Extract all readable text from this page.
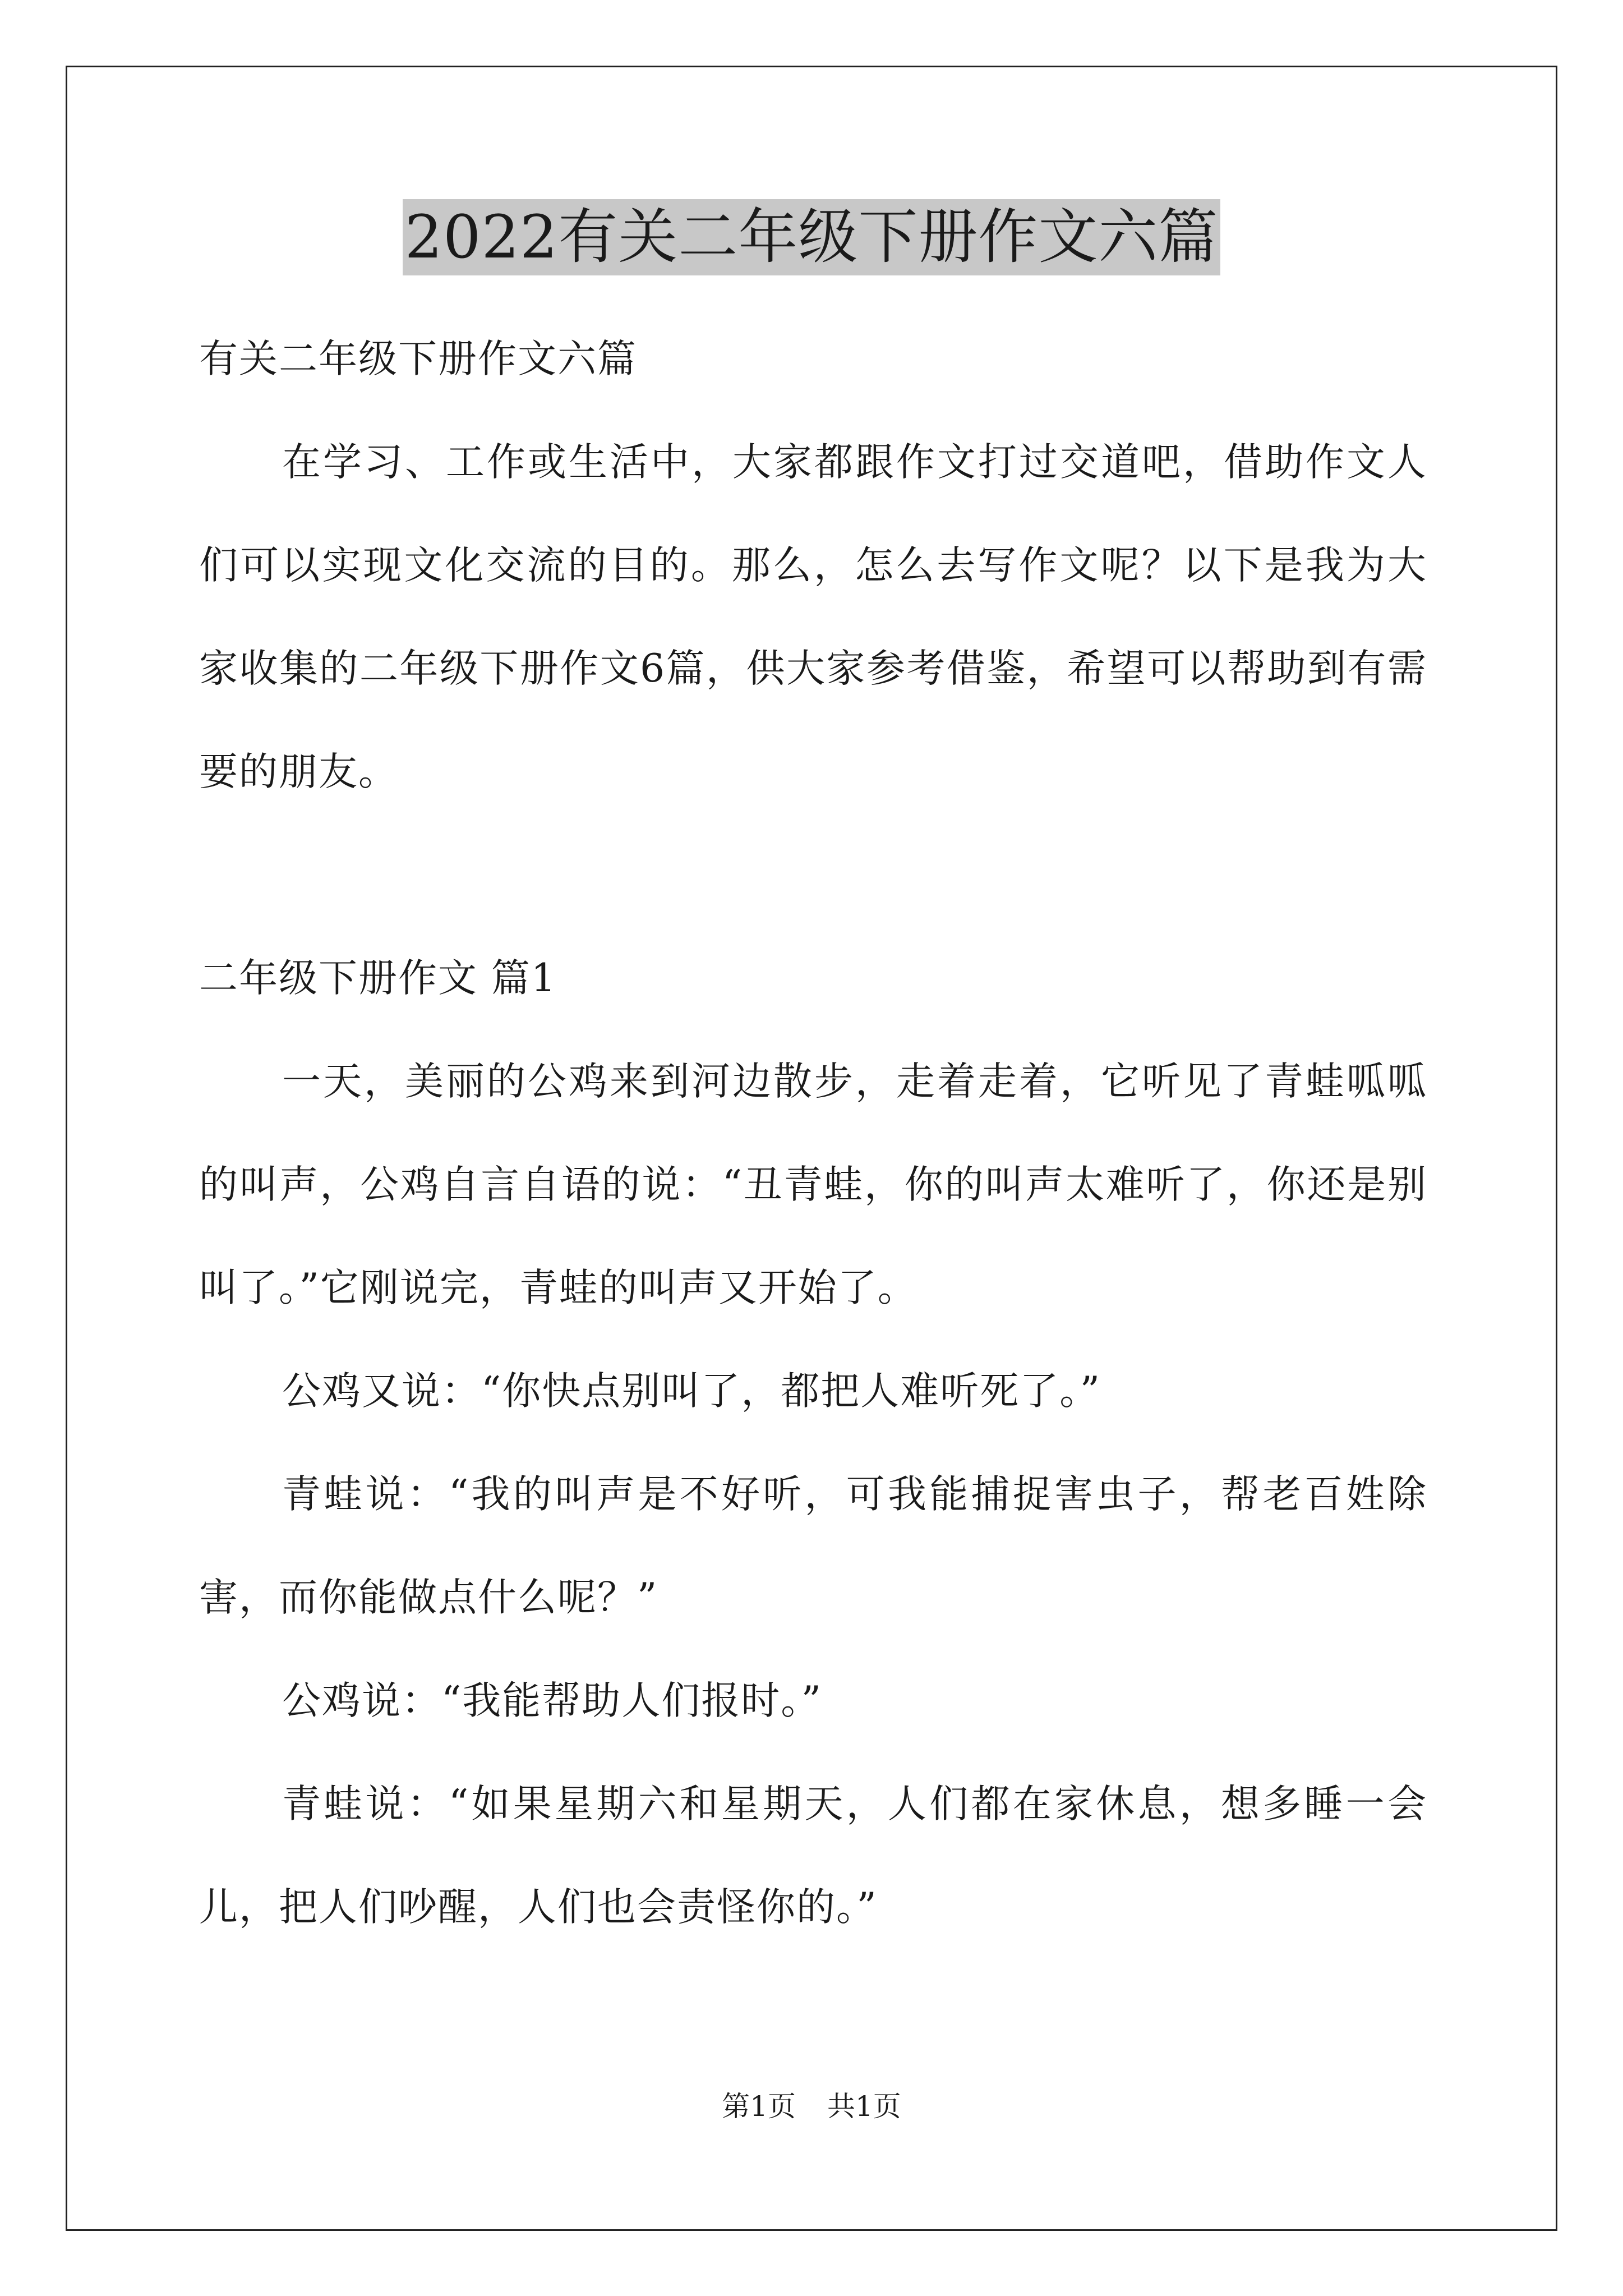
2022有关二年级下册作文六篇
有关二年级下册作文六篇
在学习、工作或生活中，大家都跟作文打过交道吧，借助作文人们可以实现文化交流的目的。那么，怎么去写作文呢？以下是我为大家收集的二年级下册作文6篇，供大家参考借鉴，希望可以帮助到有需要的朋友。
二年级下册作文 篇1
一天，美丽的公鸡来到河边散步，走着走着，它听见了青蛙呱呱的叫声，公鸡自言自语的说：“丑青蛙，你的叫声太难听了，你还是别叫了。”它刚说完，青蛙的叫声又开始了。
公鸡又说：“你快点别叫了，都把人难听死了。”
青蛙说：“我的叫声是不好听，可我能捕捉害虫子，帮老百姓除害，而你能做点什么呢？”
公鸡说：“我能帮助人们报时。”
青蛙说：“如果星期六和星期天，人们都在家休息，想多睡一会儿，把人们吵醒，人们也会责怪你的。”
第1页 共1页
